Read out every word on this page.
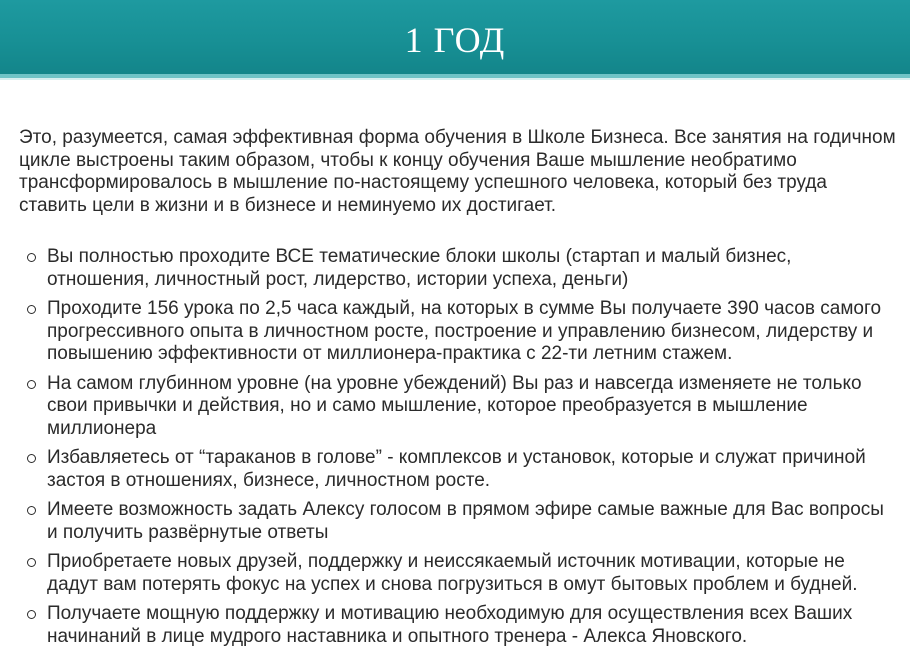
1 ГОД

Это, разумеется, самая эффективная форма обучения в Школе Бизнеса. Все занятия на годичном цикле выстроены таким образом, чтобы к концу обучения Ваше мышление необратимо трансформировалось в мышление по-настоящему успешного человека, который без труда ставить цели в жизни и в бизнесе и неминуемо их достигает.

Вы полностью проходите ВСЕ тематические блоки школы (стартап и малый бизнес, отношения, личностный рост, лидерство, истории успеха, деньги)
Проходите 156 урока по 2,5 часа каждый, на которых в сумме Вы получаете 390 часов самого прогрессивного опыта в личностном росте, построение и управлению бизнесом, лидерству и повышению эффективности от миллионера-практика с 22-ти летним стажем.
На самом глубинном уровне (на уровне убеждений) Вы раз и навсегда изменяете не только свои привычки и действия, но и само мышление, которое преобразуется в мышление миллионера
Избавляетесь от “тараканов в голове” - комплексов и установок, которые и служат причиной застоя в отношениях, бизнесе, личностном росте.
Имеете возможность задать Алексу голосом в прямом эфире самые важные для Вас вопросы и получить развёрнутые ответы
Приобретаете новых друзей, поддержку и неиссякаемый источник мотивации, которые не дадут вам потерять фокус на успех и снова погрузиться в омут бытовых проблем и будней.
Получаете мощную поддержку и мотивацию необходимую для осуществления всех Ваших начинаний в лице мудрого наставника и опытного тренера - Алекса Яновского.
